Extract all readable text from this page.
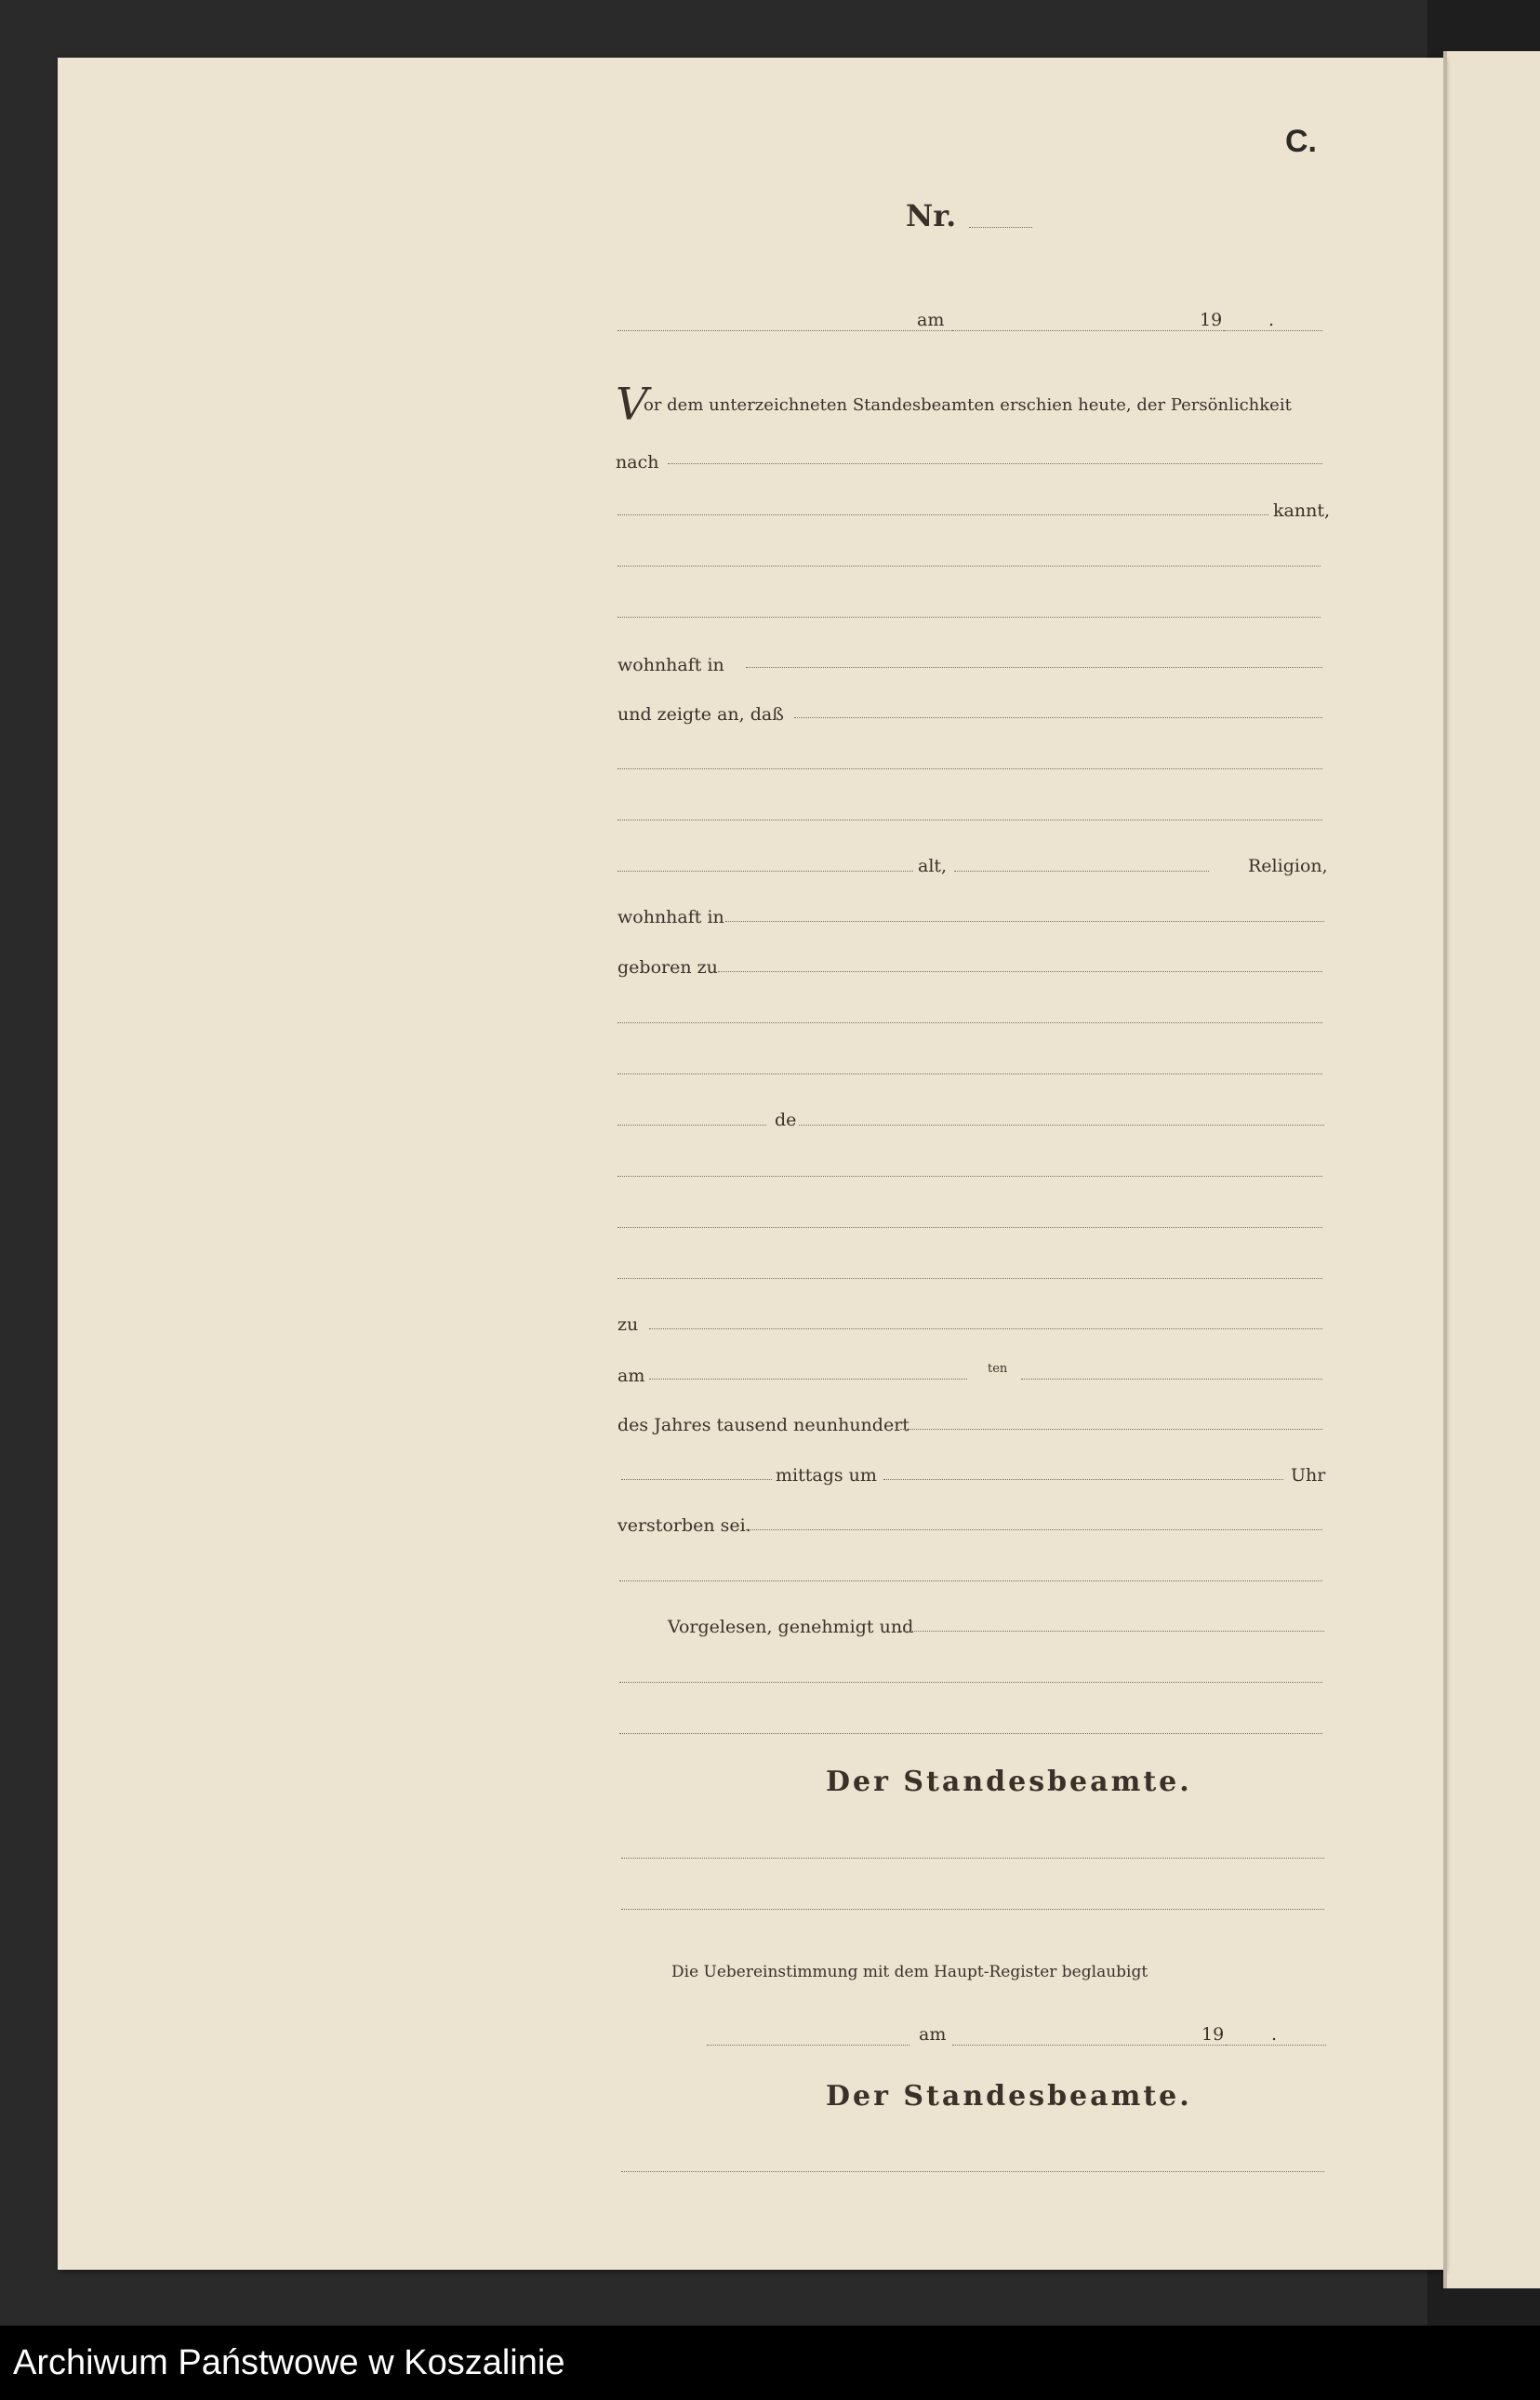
C.
Nr.
am	19	.
V
or dem unterzeichneten Standesbeamten erschien heute, der Persönlichkeit
nach
kannt,
wohnhaft in
und zeigte an, daß
alt,	Religion,
wohnhaft in
geboren zu
de
zu
am	ten
des Jahres tausend neunhundert
mittags um	Uhr
verstorben sei.
Vorgelesen, genehmigt und
Der Standesbeamte.
Die Uebereinstimmung mit dem Haupt-Register beglaubigt
am	19	.
Der Standesbeamte.
Archiwum Państwowe w Koszalinie
